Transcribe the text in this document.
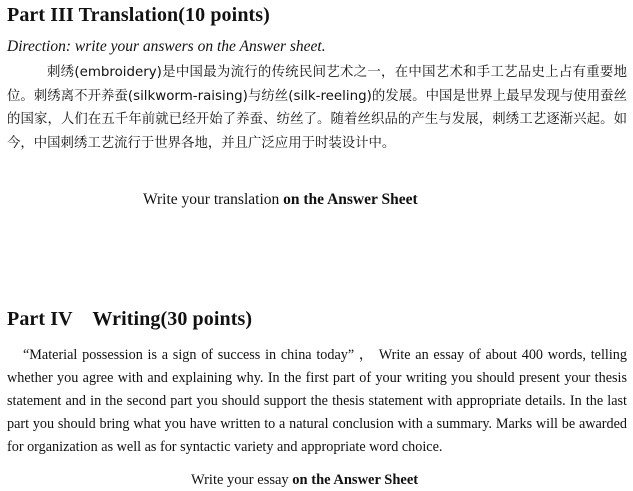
Part III Translation(10 points)
Direction: write your answers on the Answer sheet.

刺绣(embroidery)是中国最为流行的传统民间艺术之一，在中国艺术和手工艺品史上占有重要地位。刺绣离不开养蚕(silkworm-raising)与纺丝(silk-reeling)的发展。中国是世界上最早发现与使用蚕丝的国家，人们在五千年前就已经开始了养蚕、纺丝了。随着丝织品的产生与发展，刺绣工艺逐渐兴起。如今，中国刺绣工艺流行于世界各地，并且广泛应用于时装设计中。

Write your translation on the Answer Sheet
Part IV    Writing(30 points)

“Material possession is a sign of success in china today” ， Write an essay of about 400 words, telling whether you agree with and explaining why. In the first part of your writing you should present your thesis statement and in the second part you should support the thesis statement with appropriate details. In the last part you should bring what you have written to a natural conclusion with a summary. Marks will be awarded for organization as well as for syntactic variety and appropriate word choice.

Write your essay on the Answer Sheet
